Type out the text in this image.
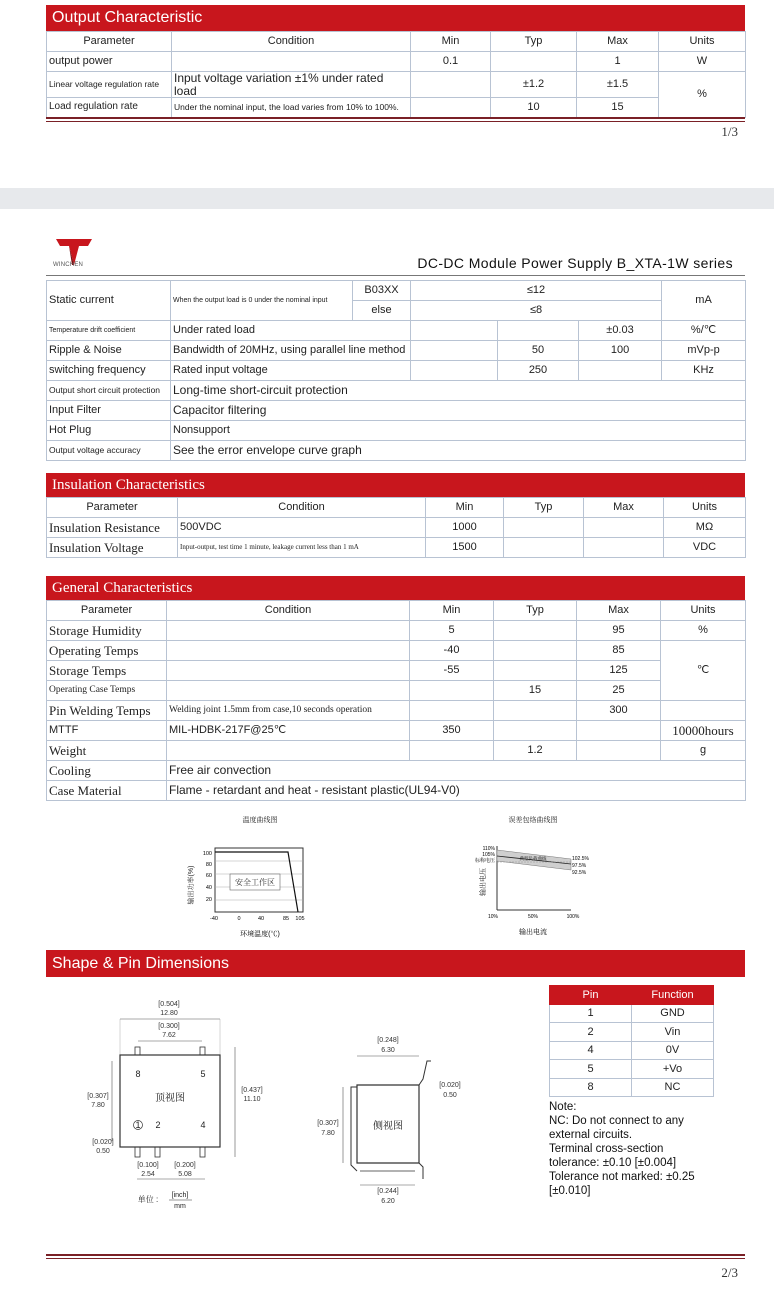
Output Characteristic
Parameter	Condition	Min	Typ	Max	Units
output power		0.1		1	W
Linear voltage regulation rate	Input voltage variation ±1% under rated load		±1.2	±1.5	%
Load regulation rate	Under the nominal input, the load varies from 10% to 100%.		10	15	
1/3
WINCHEN	DC-DC Module Power Supply B_XTA-1W series
Static current	When the output load is 0 under the nominal input	B03XX	≤12			mA
		else	≤8			
Temperature drift coefficient	Under rated load				±0.03	%/℃
Ripple & Noise	Bandwidth of 20MHz, using parallel line method			50	100	mVp-p
switching frequency	Rated input voltage			250		KHz
Output short circuit protection	Long-time short-circuit protection					
Input Filter	Capacitor filtering					
Hot Plug	Nonsupport					
Output voltage accuracy	See the error envelope curve graph					
Insulation Characteristics
Parameter	Condition	Min	Typ	Max	Units
Insulation Resistance	500VDC	1000			MΩ
Insulation Voltage	Input-output, test time 1 minute, leakage current less than 1 mA	1500			VDC
General Characteristics
Parameter	Condition	Min	Typ	Max	Units
Storage Humidity		5		95	%
Operating Temps		-40		85	℃
Storage Temps		-55		125	
Operating Case Temps			15	25	
Pin Welding Temps	Welding joint 1.5mm from case,10 seconds operation			300	
MTTF	MIL-HDBK-217F@25℃	350			10000hours
Weight			1.2		g
Cooling	Free air convection				
Case Material	Flame - retardant and heat - resistant plastic(UL94-V0)				
温度曲线图
输出功率(%)	安全工作区
100
80
60
40
20
-40	0	40	85 105
环境温度(℃)
误差包络曲线图
输出电压
典型负载曲线
110%
105%
标称电压	102.5%
97.5%
92.5%
10%	50%	100%
输出电流
Shape & Pin Dimensions
[0.504]
12.80
[0.300]
7.62
8	5
1 2	4
顶视图
[0.307]
7.80
[0.437]
11.10
[0.020]
0.50
[0.100]
2.54
[0.200]
5.08
单位 : [inch]
mm
[0.248]
6.30
[0.020]
0.50
[0.307]
7.80
[0.244]
6.20
侧视图
Pin	Function
1	GND
2	Vin
4	0V
5	+Vo
8	NC
Note:
NC: Do not connect to any external circuits.
Terminal cross-section tolerance: ±0.10 [±0.004]
Tolerance not marked: ±0.25 [±0.010]
2/3
